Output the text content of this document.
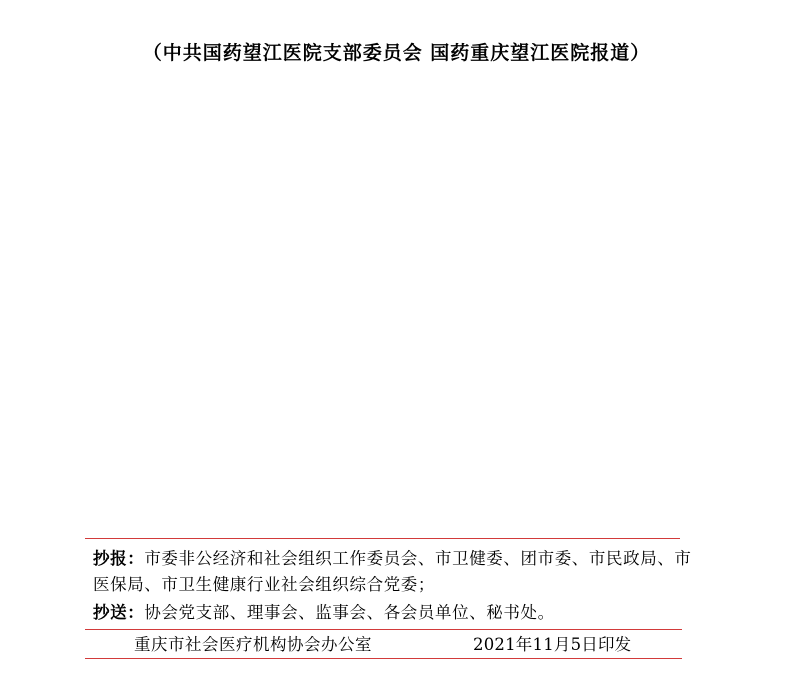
（中共国药望江医院支部委员会 国药重庆望江医院报道）
抄报：市委非公经济和社会组织工作委员会、市卫健委、团市委、市民政局、市医保局、市卫生健康行业社会组织综合党委；
抄送：协会党支部、理事会、监事会、各会员单位、秘书处。
重庆市社会医疗机构协会办公室	2021年11月5日印发
